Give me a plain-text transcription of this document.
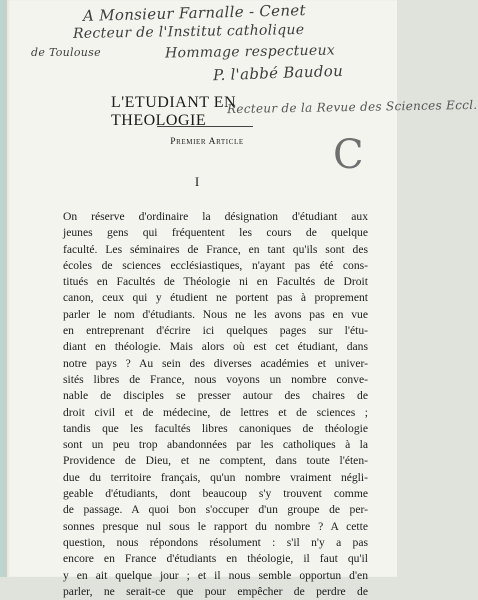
A Monsieur Farnalle - Cenet
Recteur de l'Institut catholique
de Toulouse	Hommage respectueux
P. l'abbé Baudou
Recteur de la Revue des Sciences Eccl.
C
L'ETUDIANT EN THEOLOGIE
Premier Article
I
On réserve d'ordinaire la désignation d'étudiant aux
jeunes gens qui fréquentent les cours de quelque
faculté. Les séminaires de France, en tant qu'ils sont des
écoles de sciences ecclésiastiques, n'ayant pas été cons-
titués en Facultés de Théologie ni en Facultés de Droit
canon, ceux qui y étudient ne portent pas à proprement
parler le nom d'étudiants. Nous ne les avons pas en vue
en entreprenant d'écrire ici quelques pages sur l'étu-
diant en théologie. Mais alors où est cet étudiant, dans
notre pays ? Au sein des diverses académies et univer-
sités libres de France, nous voyons un nombre conve-
nable de disciples se presser autour des chaires de
droit civil et de médecine, de lettres et de sciences ;
tandis que les facultés libres canoniques de théologie
sont un peu trop abandonnées par les catholiques à la
Providence de Dieu, et ne comptent, dans toute l'éten-
due du territoire français, qu'un nombre vraiment négli-
geable d'étudiants, dont beaucoup s'y trouvent comme
de passage. A quoi bon s'occuper d'un groupe de per-
sonnes presque nul sous le rapport du nombre ? A cette
question, nous répondons résolument : s'il n'y a pas
encore en France d'étudiants en théologie, il faut qu'il
y en ait quelque jour ; et il nous semble opportun d'en
parler, ne serait-ce que pour empêcher de perdre de
